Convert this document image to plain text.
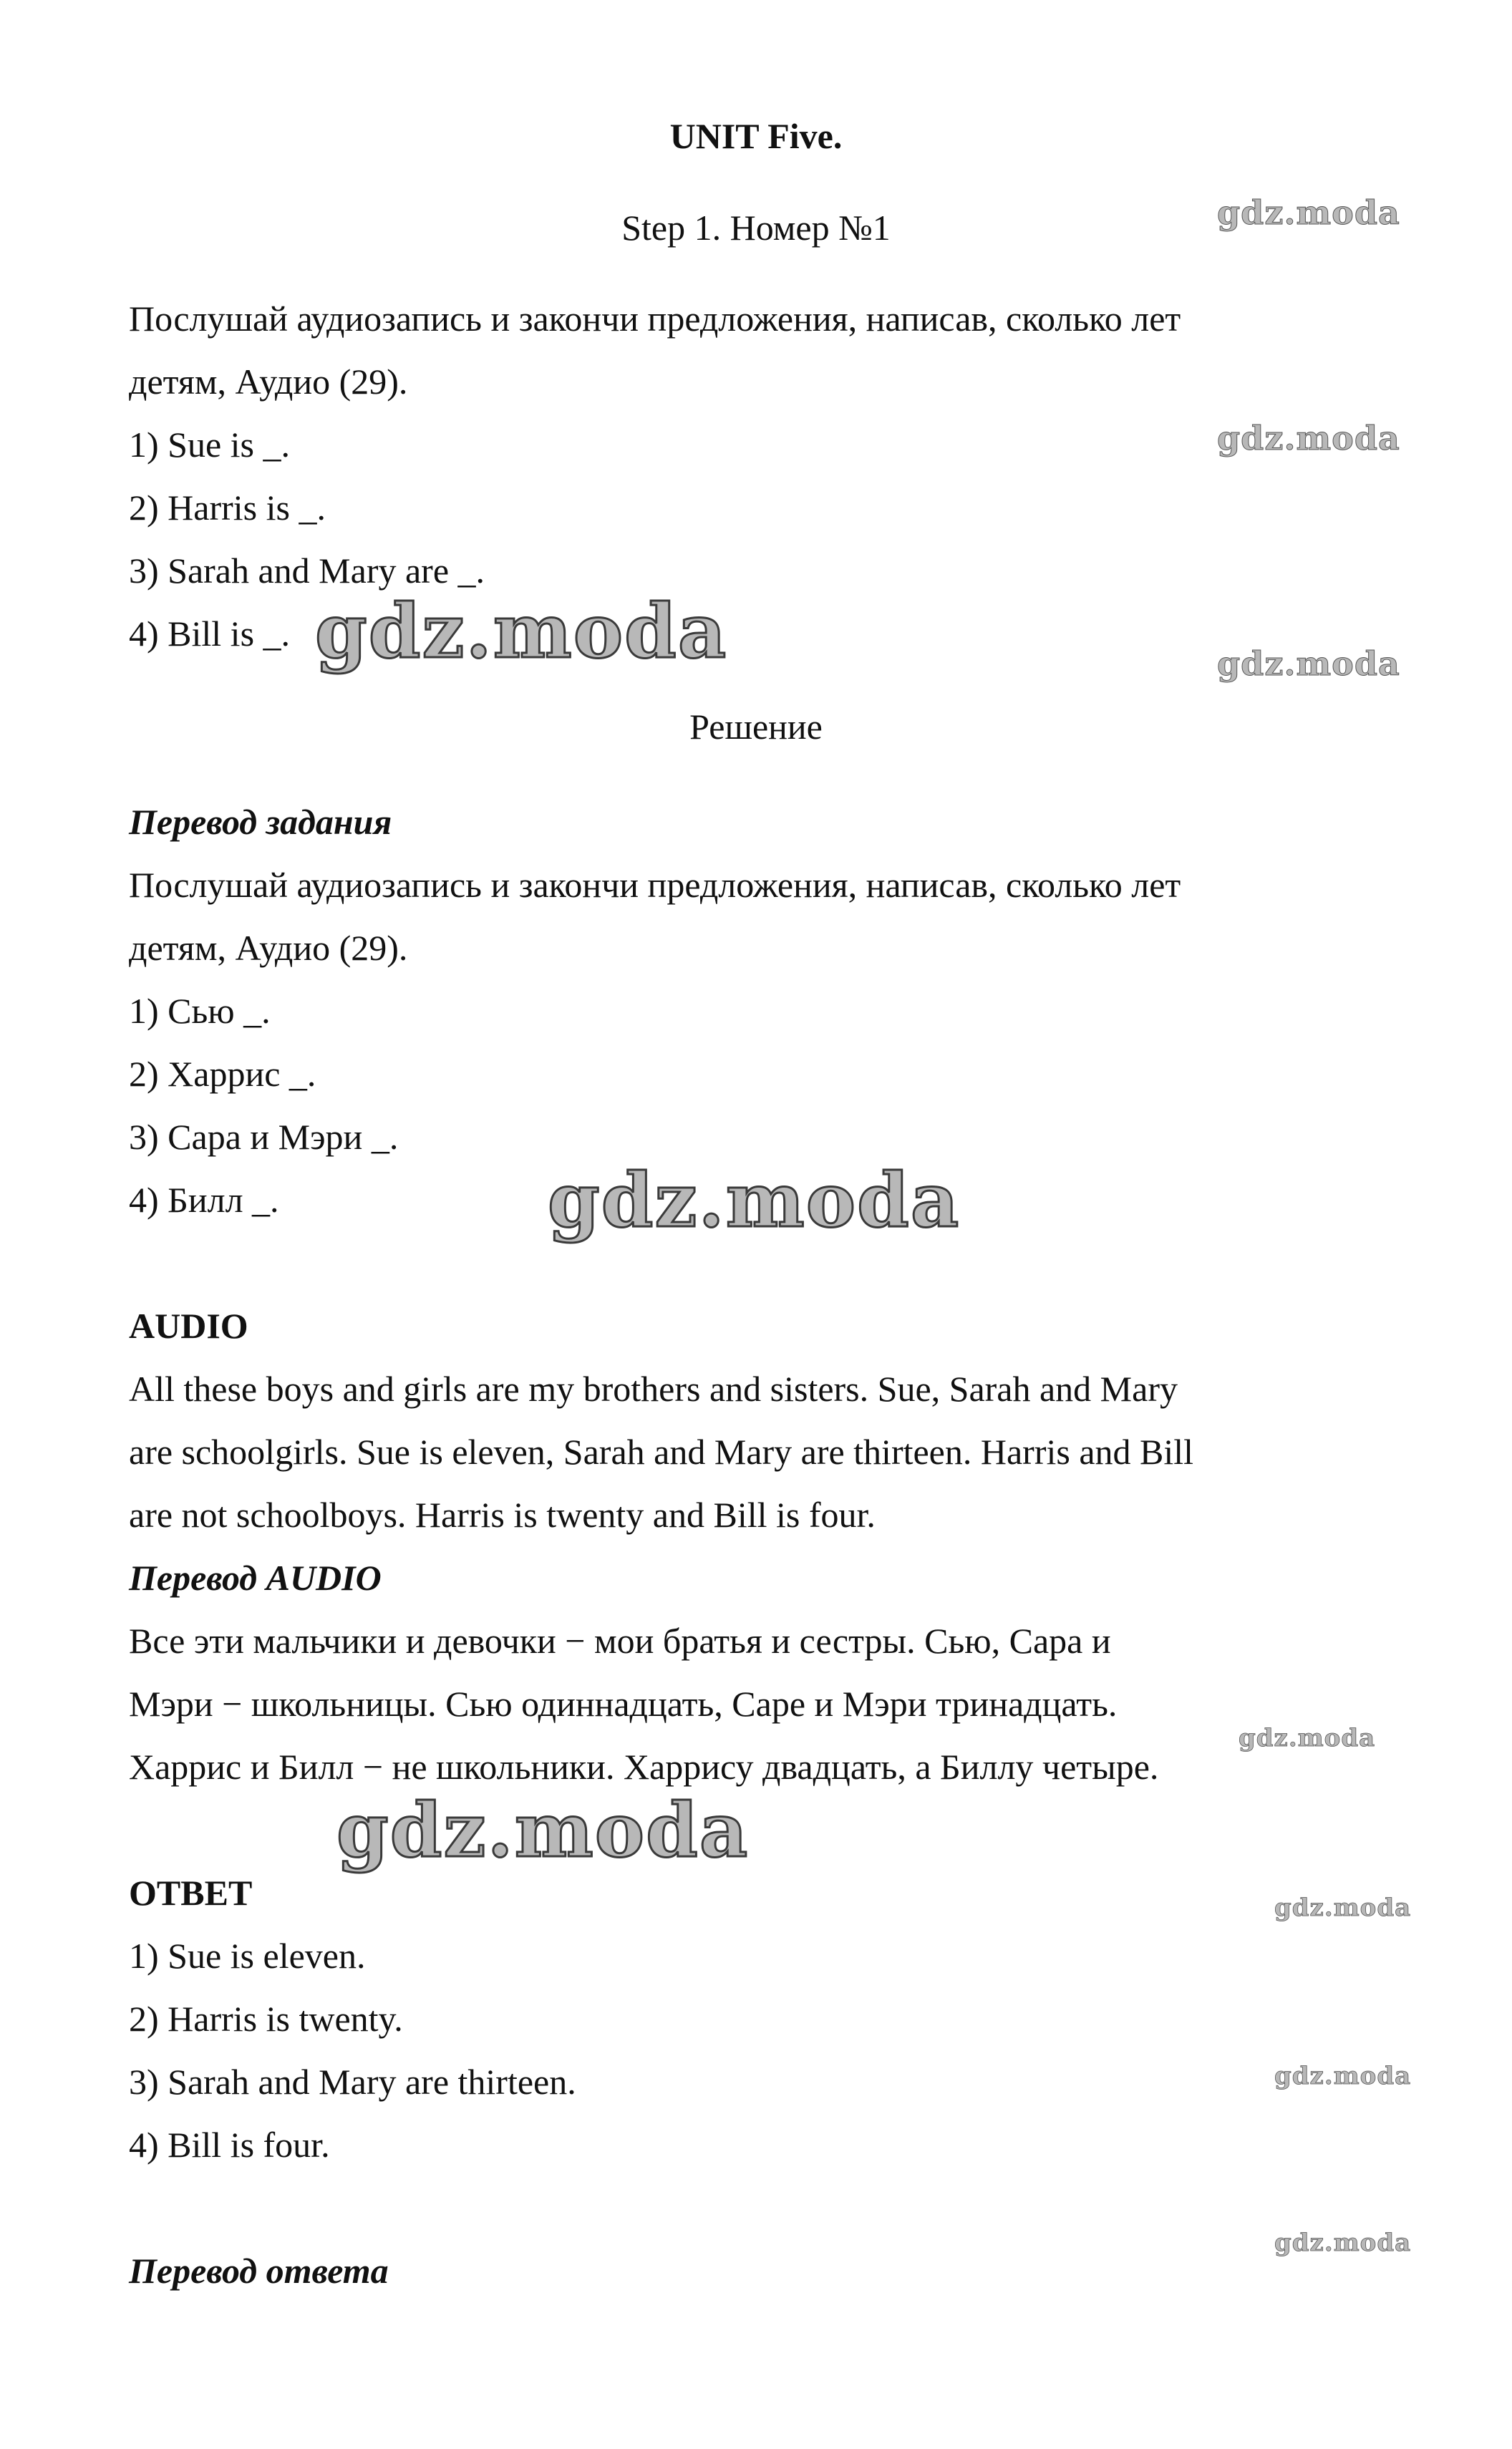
UNIT Five.
Step 1. Номер №1
Послушай аудиозапись и закончи предложения, написав, сколько лет
детям, Аудио (29).
1) Sue is _.
2) Harris is _.
3) Sarah and Mary are _.
4) Bill is _.
Решение
Перевод задания
Послушай аудиозапись и закончи предложения, написав, сколько лет
детям, Аудио (29).
1) Сью _.
2) Харрис _.
3) Сара и Мэри _.
4) Билл _.
AUDIO
All these boys and girls are my brothers and sisters. Sue, Sarah and Mary
are schoolgirls. Sue is eleven, Sarah and Mary are thirteen. Harris and Bill
are not schoolboys. Harris is twenty and Bill is four.
Перевод AUDIO
Все эти мальчики и девочки − мои братья и сестры. Сью, Сара и
Мэри − школьницы. Сью одиннадцать, Саре и Мэри тринадцать.
Харрис и Билл − не школьники. Харрису двадцать, а Биллу четыре.
ОТВЕТ
1) Sue is eleven.
2) Harris is twenty.
3) Sarah and Mary are thirteen.
4) Bill is four.
Перевод ответа
gdz.moda
gdz.moda
gdz.moda
gdz.moda
gdz.moda
gdz.moda
gdz.moda
gdz.moda
gdz.moda
gdz.moda
